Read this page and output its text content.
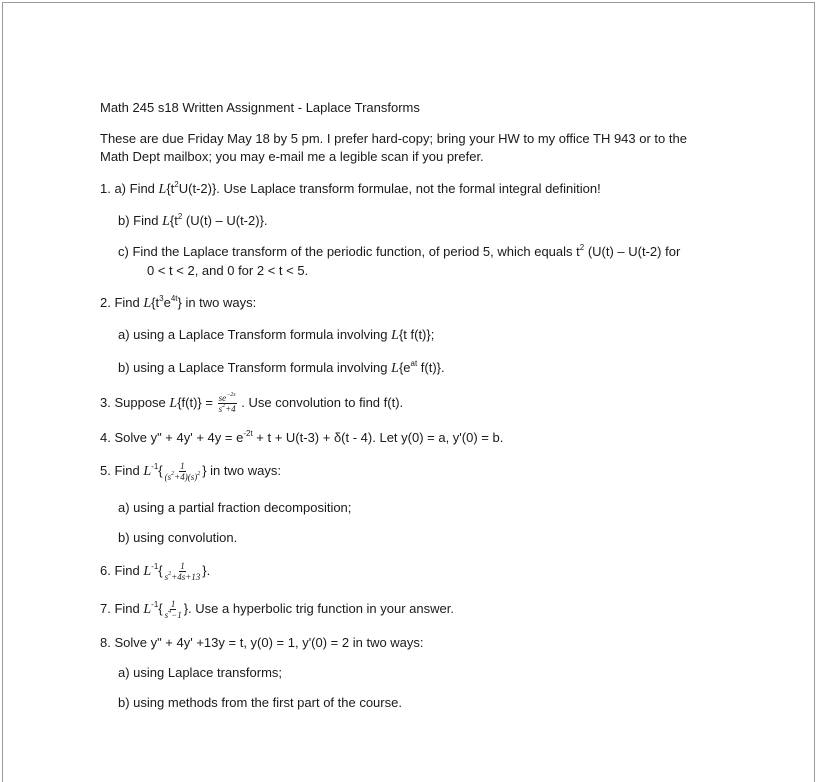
Math 245 s18 Written Assignment - Laplace Transforms
These are due Friday May 18 by 5 pm. I prefer hard-copy; bring your HW to my office TH 943 or to the
Math Dept mailbox; you may e-mail me a legible scan if you prefer.
1. a) Find $L\{t^2U(t-2)\}$. Use Laplace transform formulae, not the formal integral definition!
b) Find $L\{t^2$ (U(t) – U(t-2)}.
c) Find the Laplace transform of the periodic function, of period 5, which equals $t^2$ (U(t) – U(t-2) for
0 < t < 2, and 0 for 2 < t < 5.
2. Find $L\{t^3e^{4t}\}$ in two ways:
a) using a Laplace Transform formula involving L{t f(t)};
b) using a Laplace Transform formula involving $L\{e^{at}$ f(t)}.
3. Suppose $L\{f(t)\} = \frac{se^{-2s}}{s^2+4}$ . Use convolution to find f(t).
4. Solve y" + $4y' + 4y = e^{-2t} + t + U(t-3) + \delta(t - 4)$. Let y(0) = a, y'(0) = b.
5. Find $L^{-1}\{ \frac{1}{(s^2+4)(s)^2}$ } in two ways:
a) using a partial fraction decomposition;
b) using convolution.
6. Find $L^{-1}\{ \frac{1}{s^2+4s+13}$ }.
7. Find $L^{-1}\{ \frac{1}{s^4-1}$ }. Use a hyperbolic trig function in your answer.
8. Solve y" + 4y' +13y = t, y(0) = 1, y'(0) = 2 in two ways:
a) using Laplace transforms;
b) using methods from the first part of the course.
